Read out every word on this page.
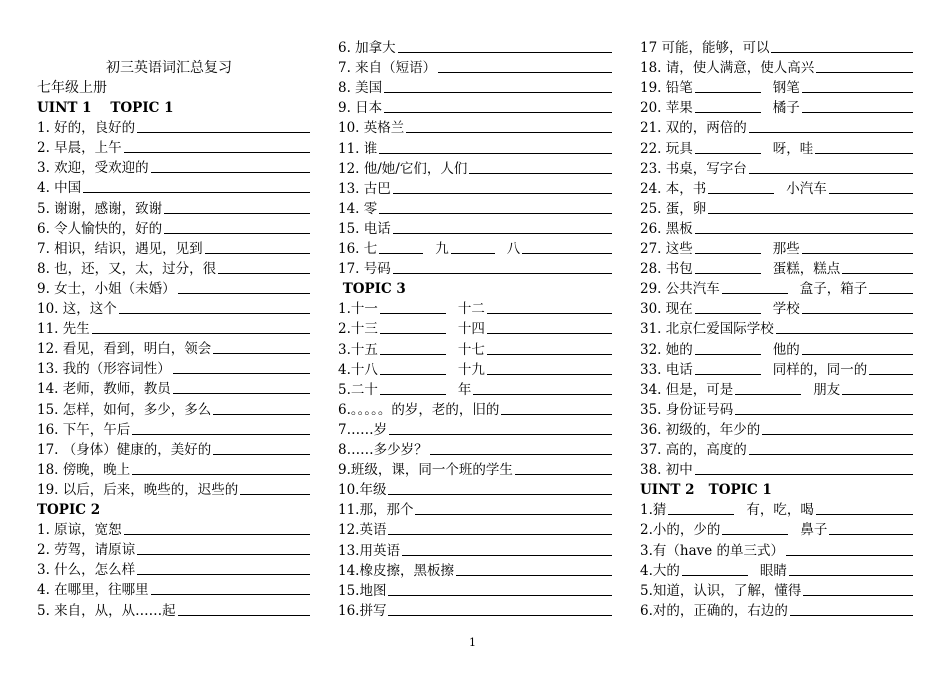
初三英语词汇总复习
七年级上册
UINT 1    TOPIC 1
1. 好的，良好的
2. 早晨，上午
3. 欢迎，受欢迎的
4. 中国
5. 谢谢，感谢，致谢
6. 令人愉快的，好的
7. 相识，结识，遇见，见到
8. 也，还，又，太，过分，很
9. 女士，小姐（未婚）
10. 这，这个
11. 先生
12. 看见，看到，明白，领会
13. 我的（形容词性）
14. 老师，教师，教员
15. 怎样，如何，多少，多么
16. 下午，午后
17. （身体）健康的，美好的
18. 傍晚，晚上
19. 以后，后来，晚些的，迟些的
TOPIC 2
1. 原谅，宽恕
2. 劳驾，请原谅
3. 什么，怎么样
4. 在哪里，往哪里
5. 来自，从，从……起
6. 加拿大
7. 来自（短语）
8. 美国
9. 日本
10. 英格兰
11. 谁
12. 他/她/它们，人们
13. 古巴
14. 零
15. 电话
16. 七	九	八
17. 号码
TOPIC 3
1.十一	十二
2.十三	十四
3.十五	十七
4.十八	十九
5.二十	年
6.。。。。。的岁，老的，旧的
7……岁
8……多少岁？
9.班级，课，同一个班的学生
10.年级
11.那，那个
12.英语
13.用英语
14.橡皮擦，黑板擦
15.地图
16.拼写
17 可能，能够，可以
18. 请，使人满意，使人高兴
19. 铅笔	钢笔
20. 苹果	橘子
21. 双的，两倍的
22. 玩具	呀，哇
23. 书桌，写字台
24. 本，书	小汽车
25. 蛋，卵
26. 黑板
27. 这些	那些
28. 书包	蛋糕，糕点
29. 公共汽车	盒子，箱子
30. 现在	学校
31. 北京仁爱国际学校
32. 她的	他的
33. 电话	同样的，同一的
34. 但是，可是	朋友
35. 身份证号码
36. 初级的，年少的
37. 高的，高度的
38. 初中
UINT 2   TOPIC 1
1.猜	有，吃，喝
2.小的，少的	鼻子
3.有（have 的单三式）
4.大的	眼睛
5.知道，认识，了解，懂得
6.对的，正确的，右边的
1
